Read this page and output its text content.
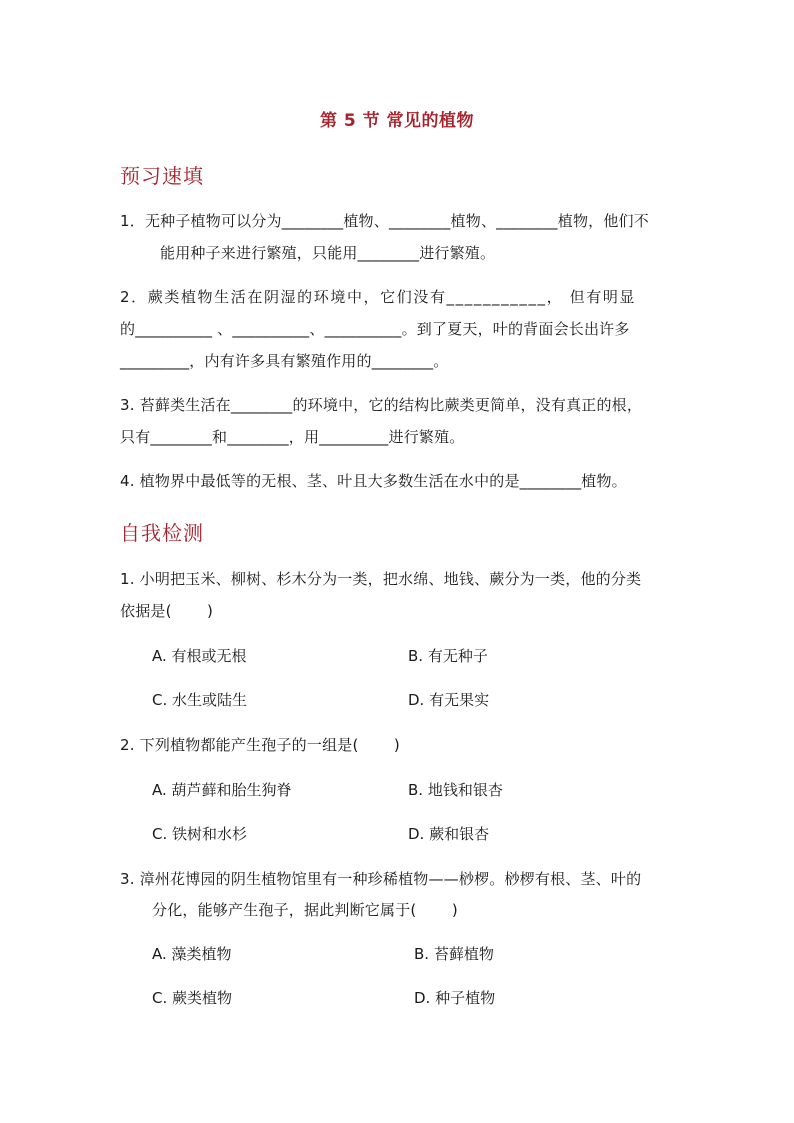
第 5 节 常见的植物
预习速填
1．无种子植物可以分为________植物、________植物、________植物，他们不
能用种子来进行繁殖，只能用________进行繁殖。
2．蕨类植物生活在阴湿的环境中，它们没有___________， 但有明显
的__________ 、__________、__________。到了夏天，叶的背面会长出许多
_________，内有许多具有繁殖作用的________。
3. 苔藓类生活在________的环境中，它的结构比蕨类更简单，没有真正的根，
只有________和________，用_________进行繁殖。
4. 植物界中最低等的无根、茎、叶且大多数生活在水中的是________植物。
自我检测
1. 小明把玉米、柳树、杉木分为一类，把水绵、地钱、蕨分为一类，他的分类
依据是(　　 )
A. 有根或无根	B. 有无种子
C. 水生或陆生	D. 有无果实
2. 下列植物都能产生孢子的一组是(　　 )
A. 葫芦藓和胎生狗脊	B. 地钱和银杏
C. 铁树和水杉	D. 蕨和银杏
3. 漳州花博园的阴生植物馆里有一种珍稀植物——桫椤。桫椤有根、茎、叶的
分化，能够产生孢子，据此判断它属于(　　 )
A. 藻类植物	B. 苔藓植物
C. 蕨类植物	D. 种子植物
